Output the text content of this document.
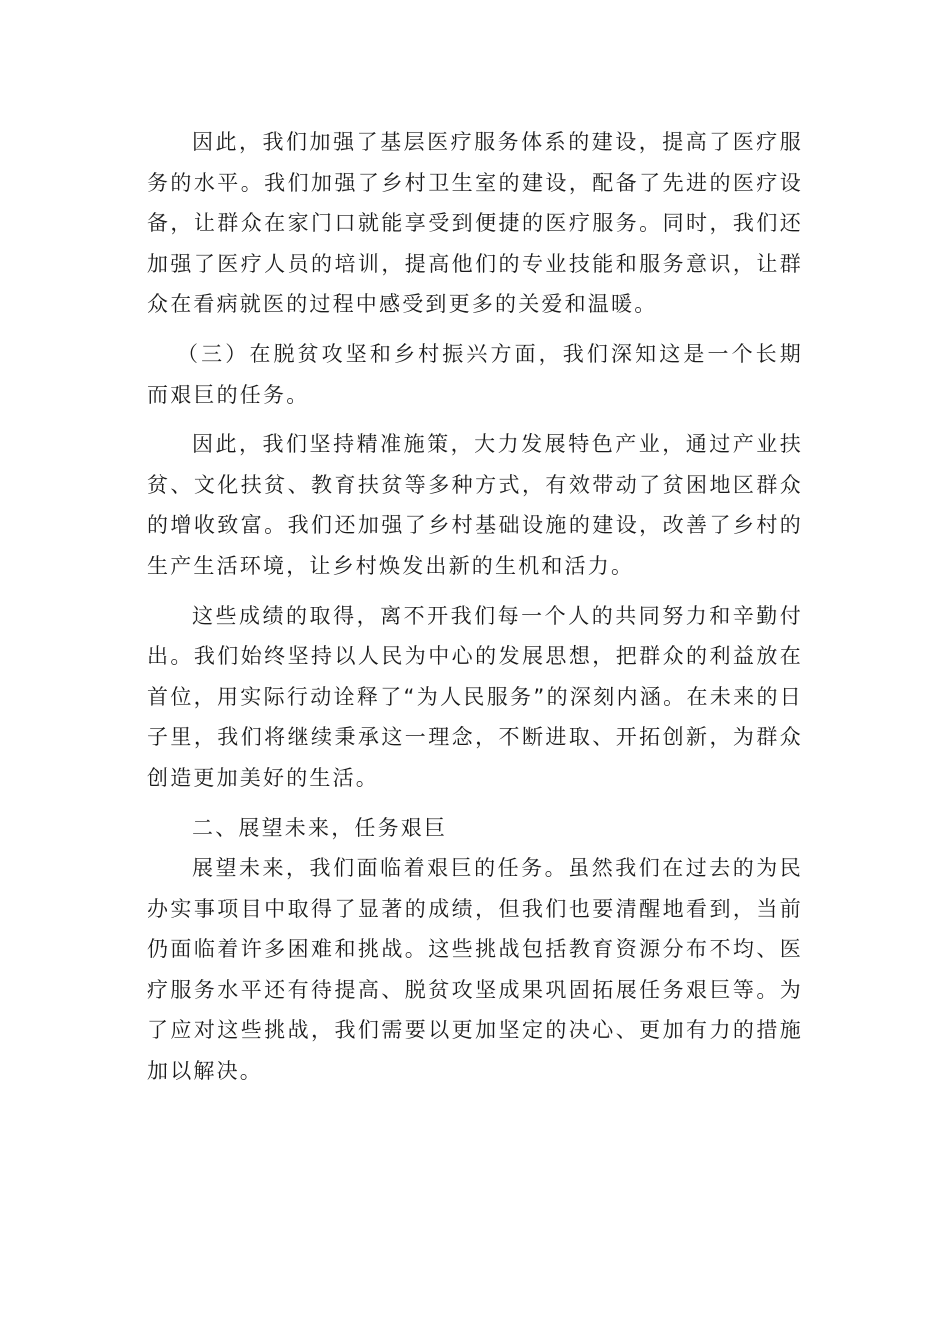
因此，我们加强了基层医疗服务体系的建设，提高了医疗服务的水平。我们加强了乡村卫生室的建设，配备了先进的医疗设备，让群众在家门口就能享受到便捷的医疗服务。同时，我们还加强了医疗人员的培训，提高他们的专业技能和服务意识，让群众在看病就医的过程中感受到更多的关爱和温暖。

（三）在脱贫攻坚和乡村振兴方面，我们深知这是一个长期而艰巨的任务。

因此，我们坚持精准施策，大力发展特色产业，通过产业扶贫、文化扶贫、教育扶贫等多种方式，有效带动了贫困地区群众的增收致富。我们还加强了乡村基础设施的建设，改善了乡村的生产生活环境，让乡村焕发出新的生机和活力。

这些成绩的取得，离不开我们每一个人的共同努力和辛勤付出。我们始终坚持以人民为中心的发展思想，把群众的利益放在首位，用实际行动诠释了“为人民服务”的深刻内涵。在未来的日子里，我们将继续秉承这一理念，不断进取、开拓创新，为群众创造更加美好的生活。

二、展望未来，任务艰巨

展望未来，我们面临着艰巨的任务。虽然我们在过去的为民办实事项目中取得了显著的成绩，但我们也要清醒地看到，当前仍面临着许多困难和挑战。这些挑战包括教育资源分布不均、医疗服务水平还有待提高、脱贫攻坚成果巩固拓展任务艰巨等。为了应对这些挑战，我们需要以更加坚定的决心、更加有力的措施加以解决。
